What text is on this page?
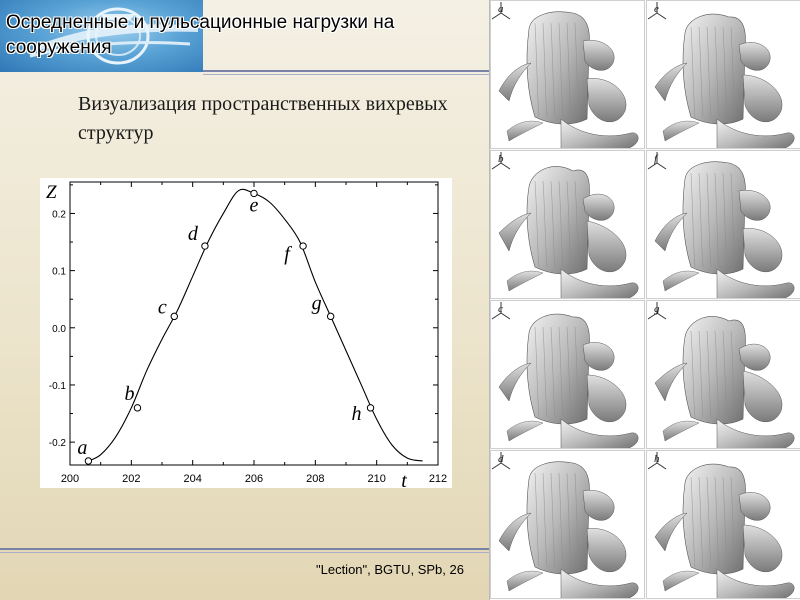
Осредненные и пульсационные нагрузки на сооружения
Визуализация пространственных вихревых структур
200	202	204	206	208	210	212
-0.2
-0.1
0.0
0.1
0.2
Z
t
a
b
c
d
e
f
g
h
"Lection", BGTU, SPb, 26
a	e
b	f
c	g
d	h
